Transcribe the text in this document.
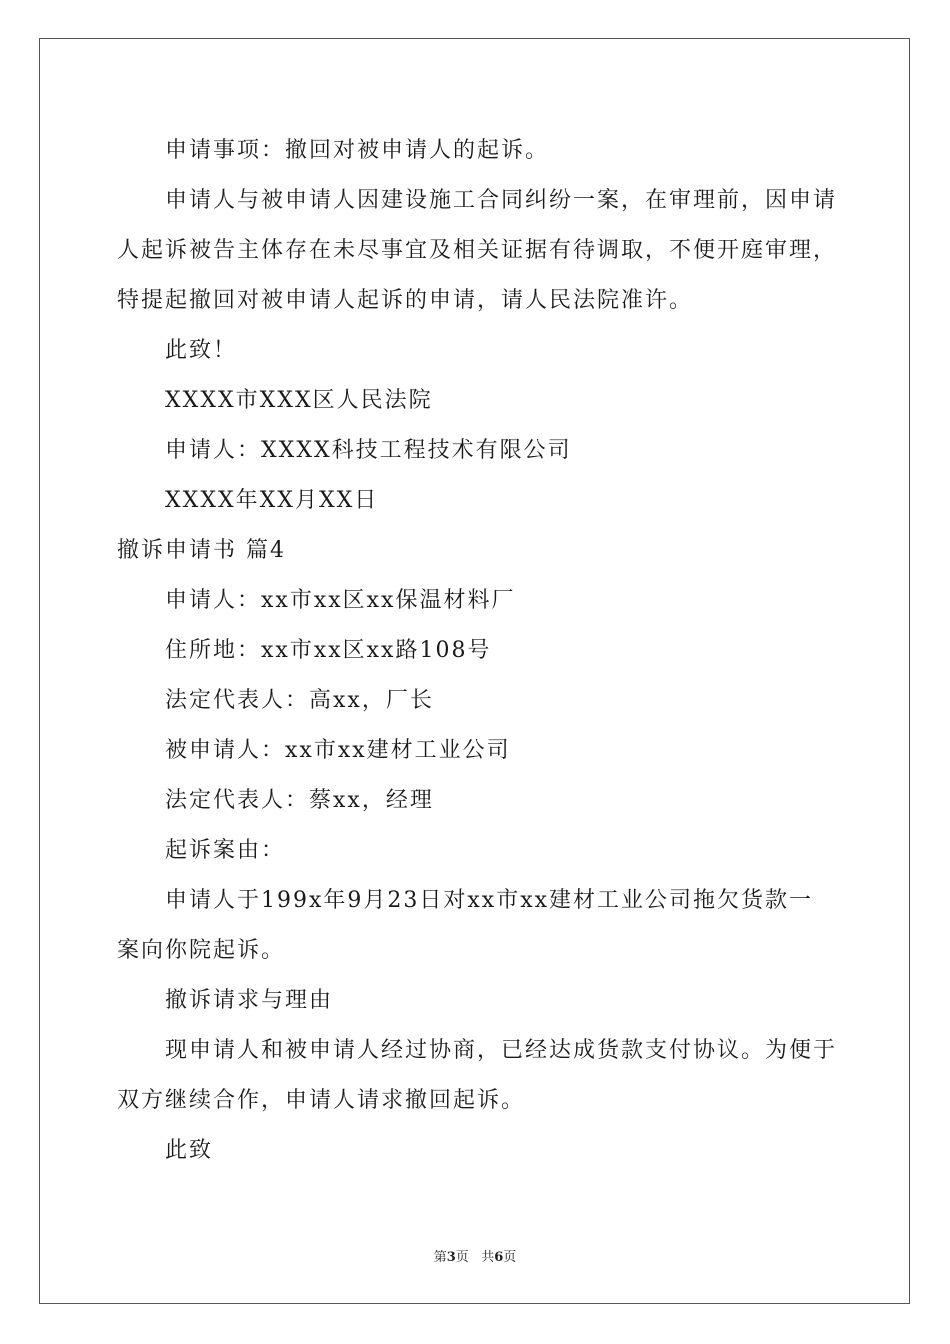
申请事项：撤回对被申请人的起诉。

申请人与被申请人因建设施工合同纠纷一案，在审理前，因申请人起诉被告主体存在未尽事宜及相关证据有待调取，不便开庭审理，特提起撤回对被申请人起诉的申请，请人民法院准许。

此致！

XXXX市XXX区人民法院

申请人：XXXX科技工程技术有限公司

XXXX年XX月XX日

撤诉申请书 篇4

申请人：xx市xx区xx保温材料厂

住所地：xx市xx区xx路108号

法定代表人：高xx，厂长

被申请人：xx市xx建材工业公司

法定代表人：蔡xx，经理

起诉案由：

申请人于199x年9月23日对xx市xx建材工业公司拖欠货款一案向你院起诉。

撤诉请求与理由

现申请人和被申请人经过协商，已经达成货款支付协议。为便于双方继续合作，申请人请求撤回起诉。

此致

第3页 共6页
